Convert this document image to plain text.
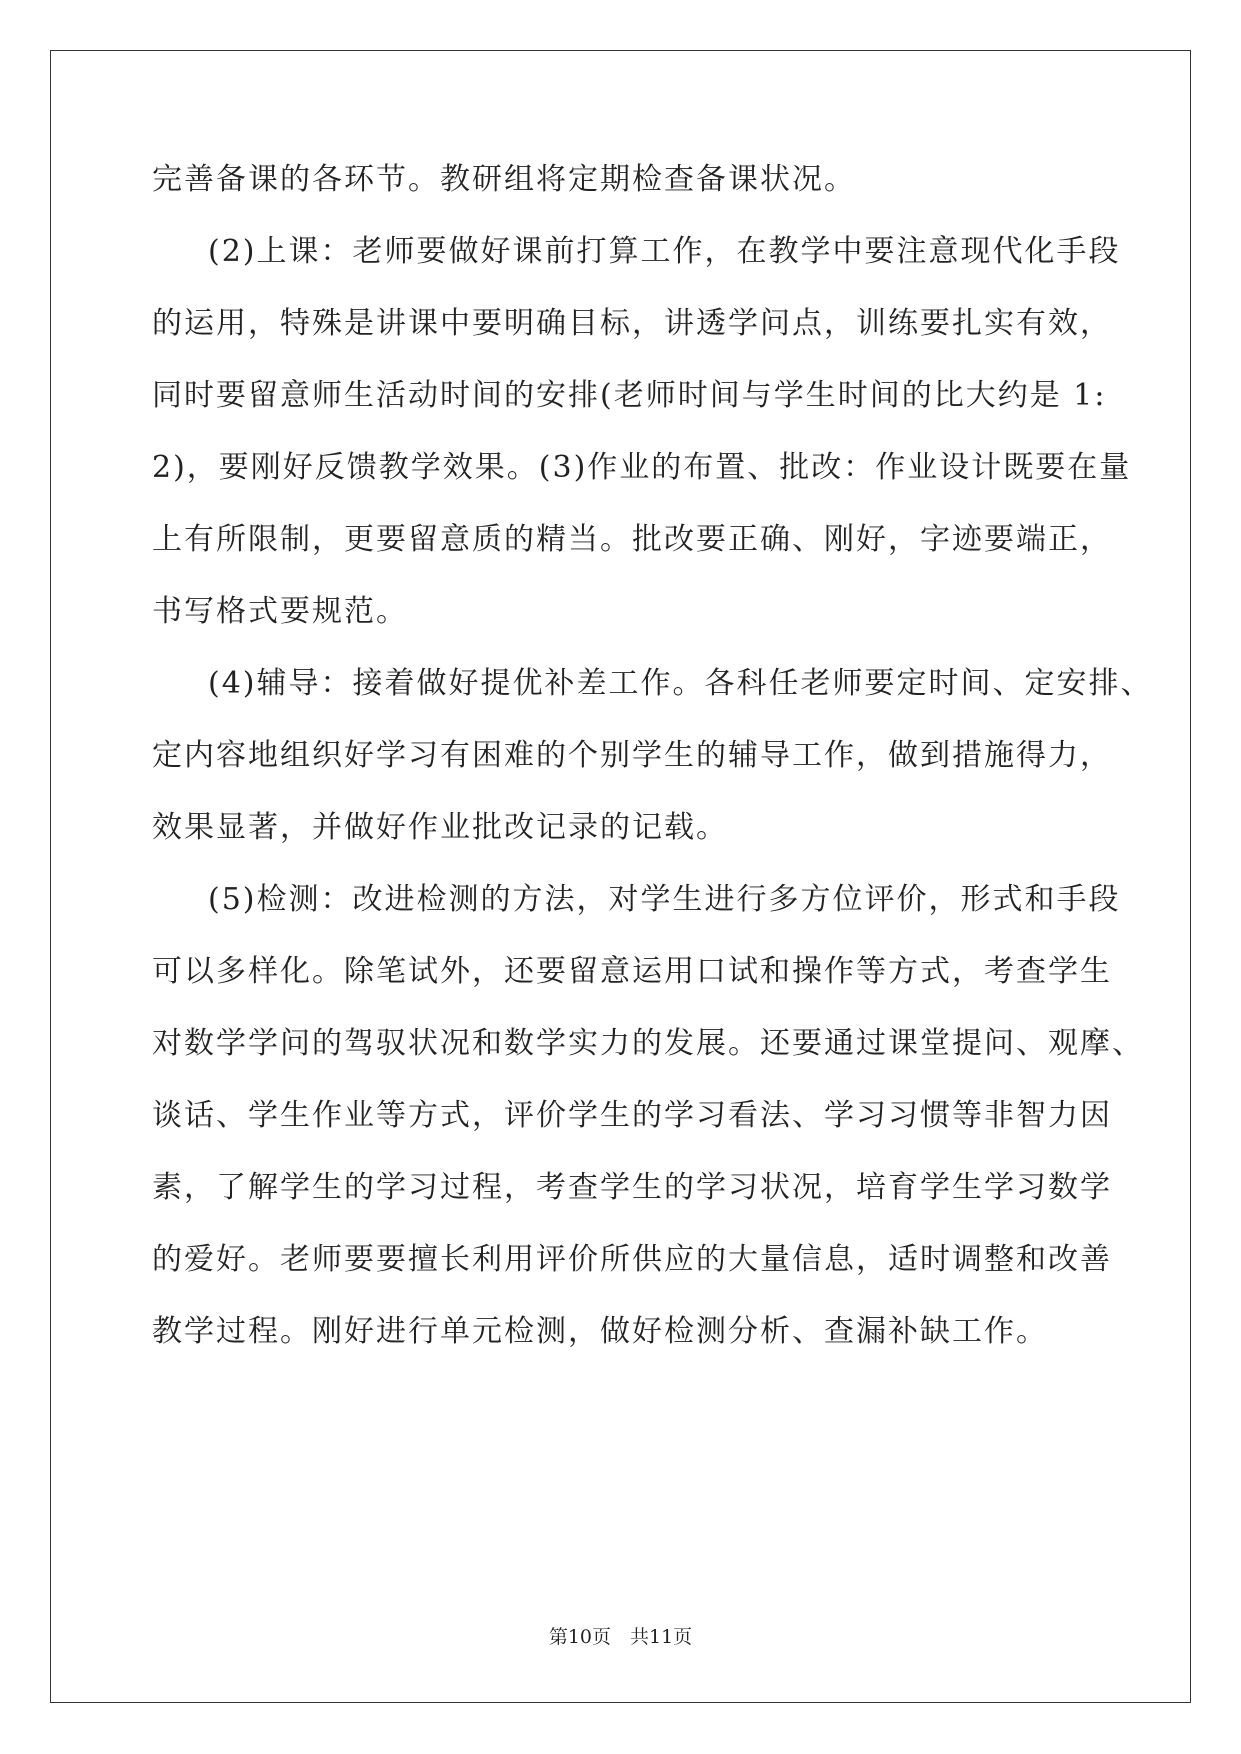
完善备课的各环节。教研组将定期检查备课状况。
(2)上课：老师要做好课前打算工作，在教学中要注意现代化手段
的运用，特殊是讲课中要明确目标，讲透学问点，训练要扎实有效，
同时要留意师生活动时间的安排(老师时间与学生时间的比大约是 1:
2)，要刚好反馈教学效果。(3)作业的布置、批改：作业设计既要在量
上有所限制，更要留意质的精当。批改要正确、刚好，字迹要端正，
书写格式要规范。
(4)辅导：接着做好提优补差工作。各科任老师要定时间、定安排、
定内容地组织好学习有困难的个别学生的辅导工作，做到措施得力，
效果显著，并做好作业批改记录的记载。
(5)检测：改进检测的方法，对学生进行多方位评价，形式和手段
可以多样化。除笔试外，还要留意运用口试和操作等方式，考查学生
对数学学问的驾驭状况和数学实力的发展。还要通过课堂提问、观摩、
谈话、学生作业等方式，评价学生的学习看法、学习习惯等非智力因
素，了解学生的学习过程，考查学生的学习状况，培育学生学习数学
的爱好。老师要要擅长利用评价所供应的大量信息，适时调整和改善
教学过程。刚好进行单元检测，做好检测分析、查漏补缺工作。
第10页　共11页
